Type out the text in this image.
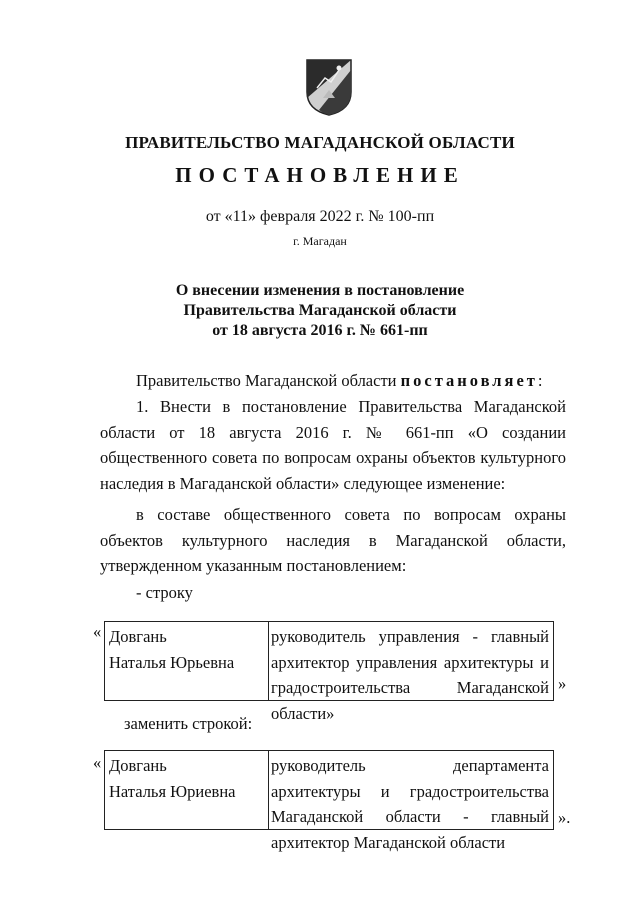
ПРАВИТЕЛЬСТВО МАГАДАНСКОЙ ОБЛАСТИ
ПОСТАНОВЛЕНИЕ
от «11» февраля 2022 г. № 100-пп
г. Магадан
О внесении изменения в постановление
Правительства Магаданской области
от 18 августа 2016 г. № 661-пп
Правительство Магаданской области постановляет:
1. Внести в постановление Правительства Магаданской области от 18 августа 2016 г. № 661-пп «О создании общественного совета по вопросам охраны объектов культурного наследия в Магаданской области» следующее изменение:
в составе общественного совета по вопросам охраны объектов культурного наследия в Магаданской области, утвержденном указанным постановлением:
- строку
« Довгань
Наталья Юрьевна
руководитель управления - главный архитектор управления архитектуры и градостроительства Магаданской области»
»
заменить строкой:
« Довгань
Наталья Юриевна
руководитель департамента архитектуры и градостроительства Магаданской области - главный архитектор Магаданской области
».
